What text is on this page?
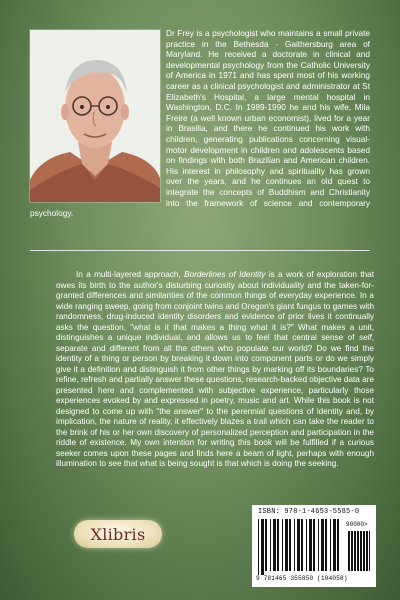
Dr Frey is a psychologist who maintains a small private practice in the Bethesda - Gaithersburg area of Maryland. He received a doctorate in clinical and developmental psychology from the Catholic University of America in 1971 and has spent most of his working career as a clinical psychologist and administrator at St Elizabeth's Hospital, a large mental hospital in Washington, D.C. In 1989-1990 he and his wife, Mila Freire (a well known urban economist), lived for a year in Brasilia, and there he continued his work with children, generating publications concerning visual-motor development in children and adolescents based on findings with both Brazilian and American children. His interest in philosophy and spirituality has grown over the years, and he continues an old quest to integrate the concepts of Buddhism and Christianity into the framework of science and contemporary psychology.

In a multi-layered approach, Borderlines of Identity is a work of exploration that owes its birth to the author's disturbing curiosity about individuality and the taken-for-granted differences and similarities of the common things of everyday experience. In a wide ranging sweep, going from conjoint twins and Oregon's giant fungus to games with randomness, drug-induced identity disorders and evidence of prior lives it continually asks the question, "what is it that makes a thing what it is?" What makes a unit, distinguishes a unique individual, and allows us to feel that central sense of self, separate and different from all the others who populate our world? Do we find the identity of a thing or person by breaking it down into component parts or do we simply give it a definition and distinguish it from other things by marking off its boundaries? To refine, refresh and partially answer these questions, research-backed objective data are presented here and complemented with subjective experience, particularly those experiences evoked by and expressed in poetry, music and art. While this book is not designed to come up with "the answer" to the perennial questions of identity and, by implication, the nature of reality, it effectively blazes a trail which can take the reader to the brink of his or her own discovery of personalized perception and participation in the riddle of existence. My own intention for writing this book will be fulfilled if a curious seeker comes upon these pages and finds here a beam of light, perhaps with enough illumination to see that what is being sought is that which is doing the seeking.

Xlibris
ISBN: 978-1-4653-5585-0
90000>
9 781465 355850 (104058)
